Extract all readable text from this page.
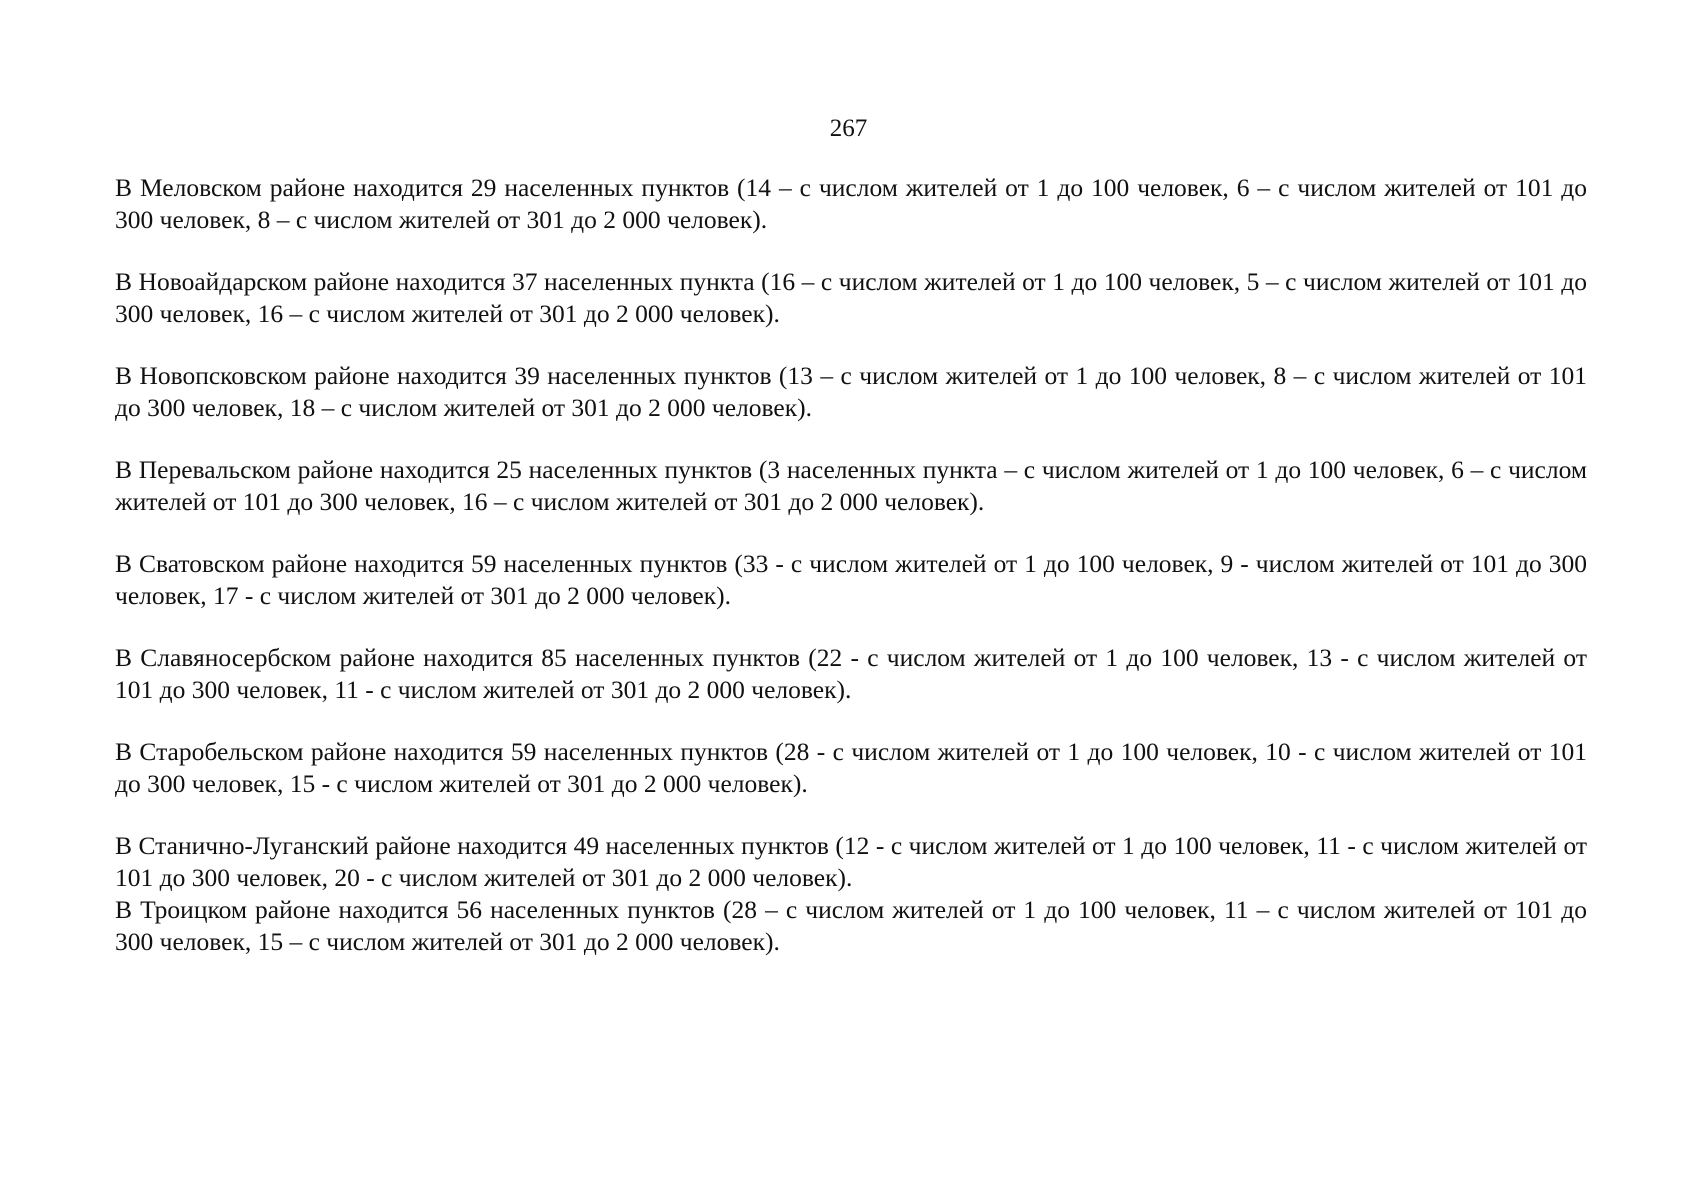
267

В Меловском районе находится 29 населенных пунктов (14 – с числом жителей от 1 до 100 человек, 6 – с числом жителей от 101 до 300 человек, 8 – с числом жителей от 301 до 2 000 человек).

В Новоайдарском районе находится 37 населенных пункта (16 – с числом жителей от 1 до 100 человек, 5 – с числом жителей от 101 до 300 человек, 16 – с числом жителей от 301 до 2 000 человек).

В Новопсковском районе находится 39 населенных пунктов (13 – с числом жителей от 1 до 100 человек, 8 – с числом жителей от 101 до 300 человек, 18 – с числом жителей от 301 до 2 000 человек).

В Перевальском районе находится 25 населенных пунктов (3 населенных пункта – с числом жителей от 1 до 100 человек, 6 – с числом жителей от 101 до 300 человек, 16 – с числом жителей от 301 до 2 000 человек).

В Сватовском районе находится 59 населенных пунктов (33 - с числом жителей от 1 до 100 человек, 9 - числом жителей от 101 до 300 человек, 17 - с числом жителей от 301 до 2 000 человек).

В Славяносербском районе находится 85 населенных пунктов (22 - с числом жителей от 1 до 100 человек, 13 - с числом жителей от 101 до 300 человек, 11 - с числом жителей от 301 до 2 000 человек).

В Старобельском районе находится 59 населенных пунктов (28 - с числом жителей от 1 до 100 человек, 10 - с числом жителей от 101 до 300 человек, 15 - с числом жителей от 301 до 2 000 человек).

В Станично-Луганский районе находится 49 населенных пунктов (12 - с числом жителей от 1 до 100 человек, 11 - с числом жителей от 101 до 300 человек, 20 - с числом жителей от 301 до 2 000 человек).

В Троицком районе находится 56 населенных пунктов (28 – с числом жителей от 1 до 100 человек, 11 – с числом жителей от 101 до 300 человек, 15 – с числом жителей от 301 до 2 000 человек).
